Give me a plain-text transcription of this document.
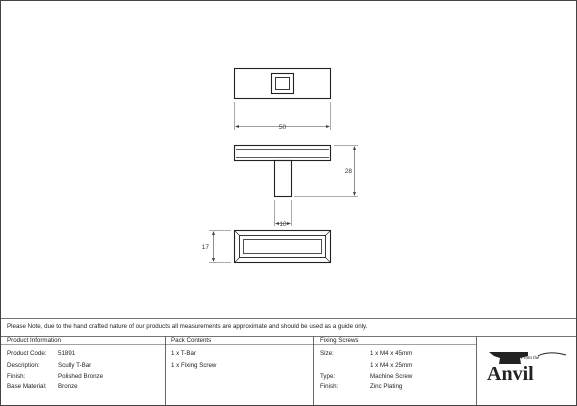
50
28
10
17
From the
Anvil
Please Note, due to the hand crafted nature of our products all measurements are approximate and should be used as a guide only.
Product Information	Pack Contents	Fixing Screws
Product Code: 51891
Description:	Scully T-Bar
Finish:	Polished Bronze
Base Material: Bronze
1 x T-Bar
1 x Fixing Screw
Size:	1 x M4 x 45mm
1 x M4 x 25mm
Type:	Machine Screw
Finish:	Zinc Plating
